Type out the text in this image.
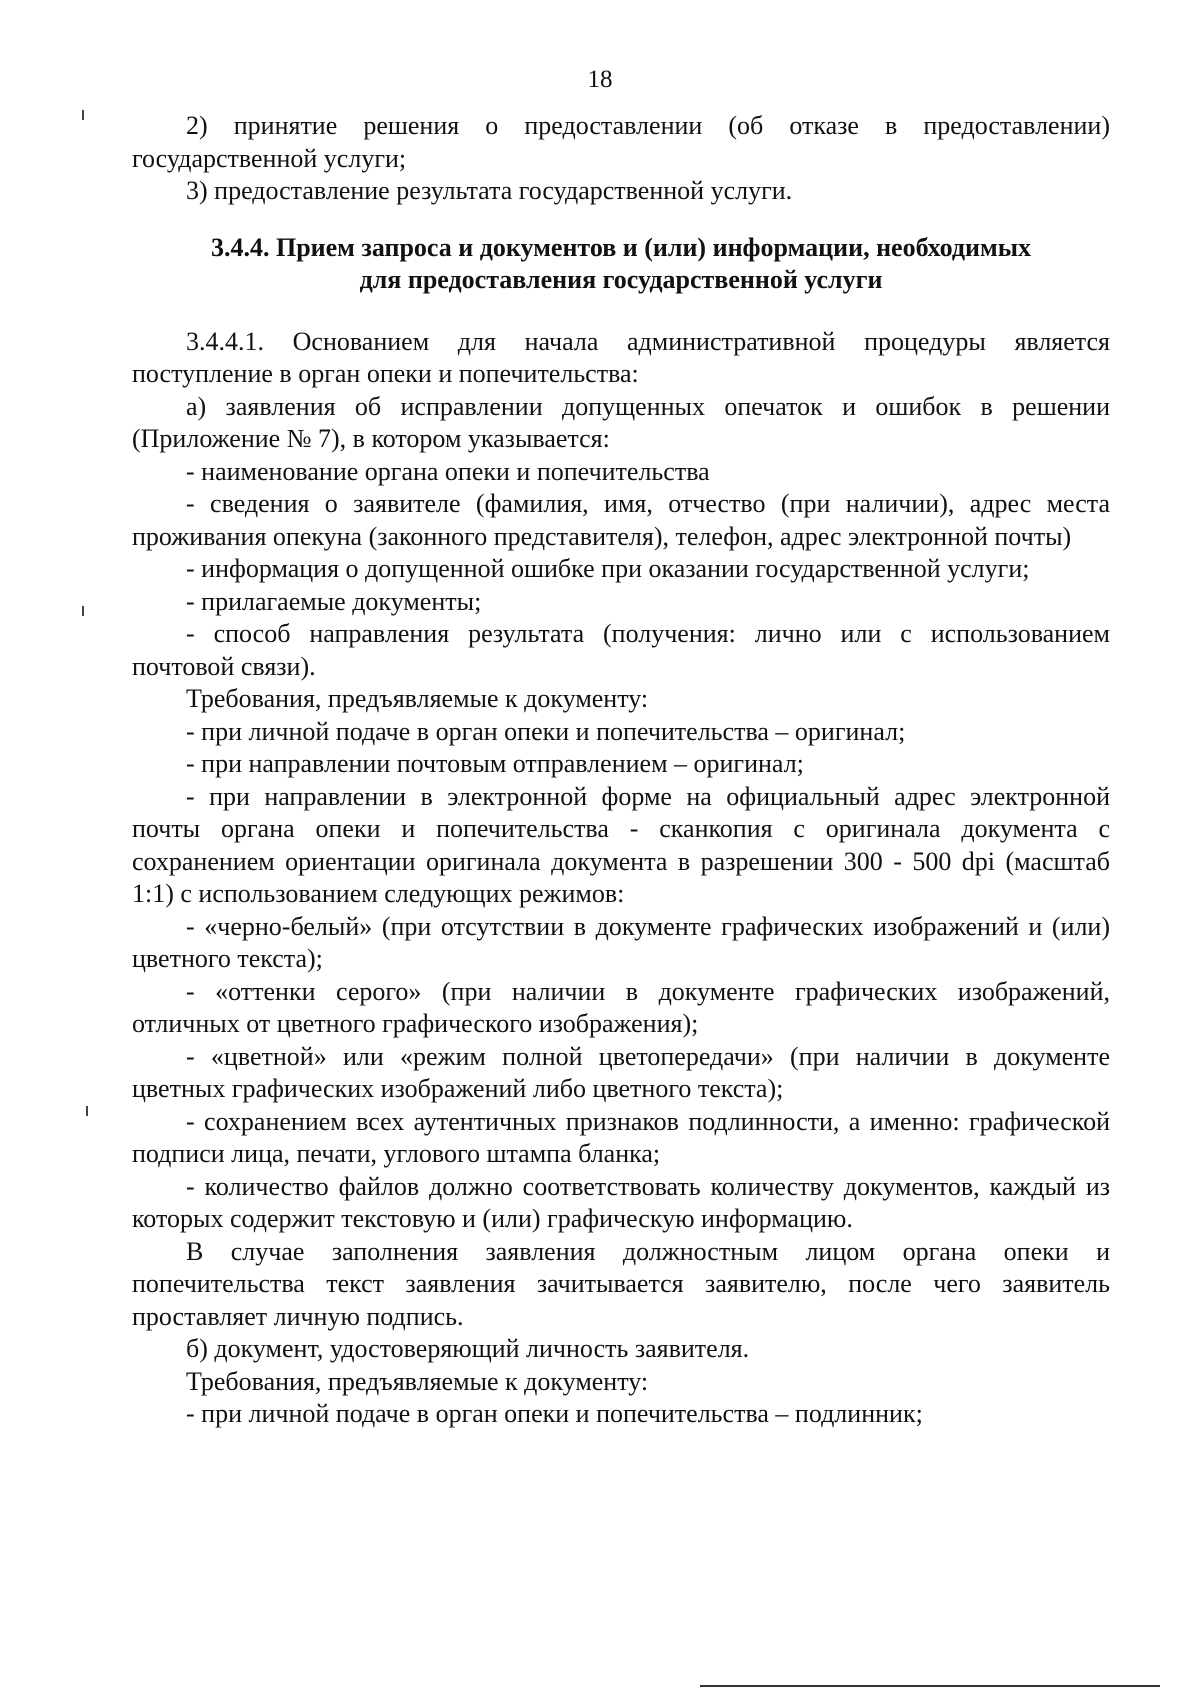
18

2) принятие решения о предоставлении (об отказе в предоставлении) государственной услуги;

3) предоставление результата государственной услуги.

3.4.4. Прием запроса и документов и (или) информации, необходимых
для предоставления государственной услуги

3.4.4.1. Основанием для начала административной процедуры является поступление в орган опеки и попечительства:

а) заявления об исправлении допущенных опечаток и ошибок в решении (Приложение № 7), в котором указывается:

- наименование органа опеки и попечительства

- сведения о заявителе (фамилия, имя, отчество (при наличии), адрес места проживания опекуна (законного представителя), телефон, адрес электронной почты)

- информация о допущенной ошибке при оказании государственной услуги;

- прилагаемые документы;

- способ направления результата (получения: лично или с использованием почтовой связи).

Требования, предъявляемые к документу:

- при личной подаче в орган опеки и попечительства – оригинал;

- при направлении почтовым отправлением – оригинал;

- при направлении в электронной форме на официальный адрес электронной почты органа опеки и попечительства - сканкопия с оригинала документа с сохранением ориентации оригинала документа в разрешении 300 - 500 dpi (масштаб 1:1) с использованием следующих режимов:

- «черно-белый» (при отсутствии в документе графических изображений и (или) цветного текста);

- «оттенки серого» (при наличии в документе графических изображений, отличных от цветного графического изображения);

- «цветной» или «режим полной цветопередачи» (при наличии в документе цветных графических изображений либо цветного текста);

- сохранением всех аутентичных признаков подлинности, а именно: графической подписи лица, печати, углового штампа бланка;

- количество файлов должно соответствовать количеству документов, каждый из которых содержит текстовую и (или) графическую информацию.

В случае заполнения заявления должностным лицом органа опеки и попечительства текст заявления зачитывается заявителю, после чего заявитель проставляет личную подпись.

б) документ, удостоверяющий личность заявителя.

Требования, предъявляемые к документу:

- при личной подаче в орган опеки и попечительства – подлинник;
